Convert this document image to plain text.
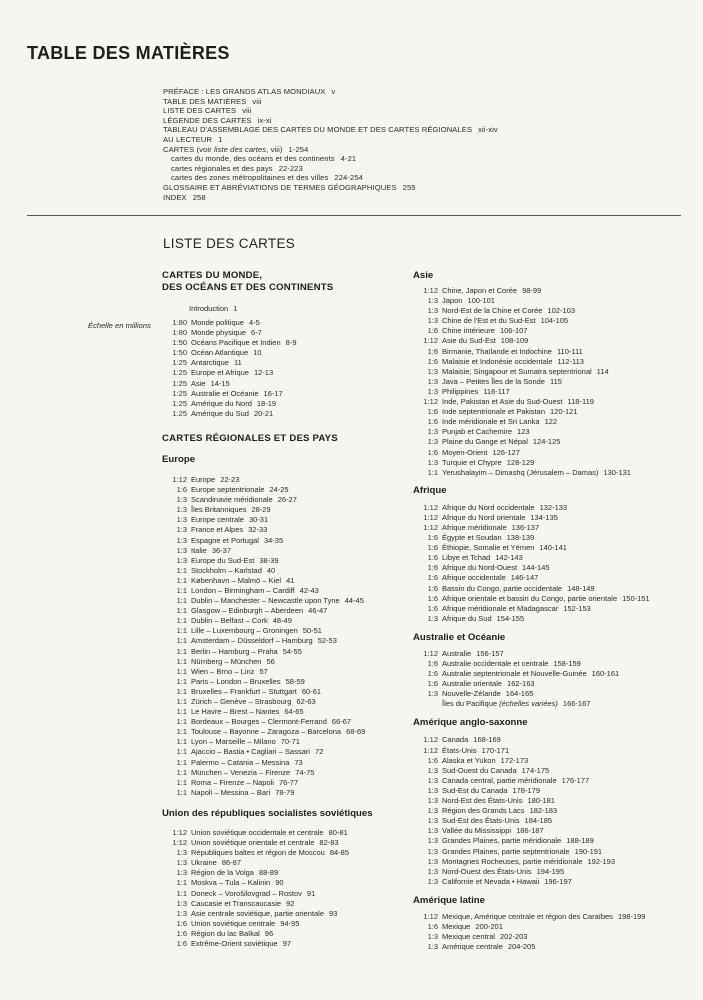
TABLE DES MATIÈRES
PRÉFACE : LES GRANDS ATLAS MONDIAUX v
TABLE DES MATIÈRES viii
LISTE DES CARTES viii
LÉGENDE DES CARTES ix-xi
TABLEAU D'ASSEMBLAGE DES CARTES DU MONDE ET DES CARTES RÉGIONALES xii-xiv
AU LECTEUR 1
CARTES (voir liste des cartes, viii) 1-254
cartes du monde, des océans et des continents 4-21
cartes régionales et des pays 22-223
cartes des zones métropolitaines et des villes 224-254
GLOSSAIRE ET ABRÉVIATIONS DE TERMES GÉOGRAPHIQUES 255
INDEX 258
LISTE DES CARTES
Échelle en millions
CARTES DU MONDE,
DES OCÉANS ET DES CONTINENTS
Introduction 1
1:80 Monde politique 4-5
1:80 Monde physique 6-7
1:50 Océans Pacifique et Indien 8-9
1:50 Océan Atlantique 10
1:25 Antarctique 11
1:25 Europe et Afrique 12-13
1:25 Asie 14-15
1:25 Australie et Océanie 16-17
1:25 Amérique du Nord 18-19
1:25 Amérique du Sud 20-21
CARTES RÉGIONALES ET DES PAYS
Europe
1:12 Europe 22-23
1:6 Europe septentrionale 24-25
1:3 Scandinavie méridionale 26-27
1:3 Îles Britanniques 28-29
1:3 Europe centrale 30-31
1:3 France et Alpes 32-33
1:3 Espagne et Portugal 34-35
1:3 Italie 36-37
1:3 Europe du Sud-Est 38-39
1:1 Stockholm – Karlstad 40
1:1 København – Malmö – Kiel 41
1:1 London – Birmingham – Cardiff 42-43
1:1 Dublin – Manchester – Newcastle upon Tyne 44-45
1:1 Glasgow – Edinburgh – Aberdeen 46-47
1:1 Dublin – Belfast – Cork 48-49
1:1 Lille – Luxembourg – Groningen 50-51
1:1 Amsterdam – Düsseldorf – Hamburg 52-53
1:1 Berlin – Hamburg – Praha 54-55
1:1 Nürnberg – München 56
1:1 Wien – Brno – Linz 57
1:1 Paris – London – Bruxelles 58-59
1:1 Bruxelles – Frankfurt – Stuttgart 60-61
1:1 Zürich – Genève – Strasbourg 62-63
1:1 Le Havre – Brest – Nantes 64-65
1:1 Bordeaux – Bourges – Clermont-Ferrand 66-67
1:1 Toulouse – Bayonne – Zaragoza – Barcelona 68-69
1:1 Lyon – Marseille – Milano 70-71
1:1 Ajaccio – Bastia • Cagliari – Sassari 72
1:1 Palermo – Catania – Messina 73
1:1 München – Venezia – Firenze 74-75
1:1 Roma – Firenze – Napoli 76-77
1:1 Napoli – Messina – Bari 78-79
Union des républiques socialistes soviétiques
1:12 Union soviétique occidentale et centrale 80-81
1:12 Union soviétique orientale et centrale 82-83
1:3 Républiques baltes et région de Moscou 84-85
1:3 Ukraine 86-87
1:3 Région de la Volga 88-89
1:1 Moskva – Tula – Kalinin 90
1:1 Doneck – Vorošilovgrad – Rostov 91
1:3 Caucasie et Transcaucasie 92
1:3 Asie centrale soviétique, partie orientale 93
1:6 Union soviétique centrale 94-95
1:6 Région du lac Baïkal 96
1:6 Extrême-Orient soviétique 97
Asie
1:12 Chine, Japon et Corée 98-99
1:3 Japon 100-101
1:3 Nord-Est de la Chine et Corée 102-103
1:3 Chine de l'Est et du Sud-Est 104-105
1:6 Chine intérieure 106-107
1:12 Asie du Sud-Est 108-109
1:6 Birmanie, Thaïlande et Indochine 110-111
1:6 Malaisie et Indonésie occidentale 112-113
1:3 Malaisie, Singapour et Sumatra septentrional 114
1:3 Java – Petites Îles de la Sonde 115
1:3 Philippines 116-117
1:12 Inde, Pakistan et Asie du Sud-Ouest 118-119
1:6 Inde septentrionale et Pakistan 120-121
1:6 Inde méridionale et Sri Lanka 122
1:3 Punjab et Cachemire 123
1:3 Plaine du Gange et Népal 124-125
1:6 Moyen-Orient 126-127
1:3 Turquie et Chypre 128-129
1:1 Yerushalayim – Dimashq (Jérusalem – Damas) 130-131
Afrique
1:12 Afrique du Nord occidentale 132-133
1:12 Afrique du Nord orientale 134-135
1:12 Afrique méridionale 136-137
1:6 Égypte et Soudan 138-139
1:6 Éthiopie, Somalie et Yémen 140-141
1:6 Libye et Tchad 142-143
1:6 Afrique du Nord-Ouest 144-145
1:6 Afrique occidentale 146-147
1:6 Bassin du Congo, partie occidentale 148-149
1:6 Afrique orientale et bassin du Congo, partie orientale 150-151
1:6 Afrique méridionale et Madagascar 152-153
1:3 Afrique du Sud 154-155
Australie et Océanie
1:12 Australie 156-157
1:6 Australie occidentale et centrale 158-159
1:6 Australie septentrionale et Nouvelle-Guinée 160-161
1:6 Australie orientale 162-163
1:3 Nouvelle-Zélande 164-165
Îles du Pacifique (échelles variées) 166-167
Amérique anglo-saxonne
1:12 Canada 168-169
1:12 États-Unis 170-171
1:6 Alaska et Yukon 172-173
1:3 Sud-Ouest du Canada 174-175
1:3 Canada central, partie méridionale 176-177
1:3 Sud-Est du Canada 178-179
1:3 Nord-Est des États-Unis 180-181
1:3 Région des Grands Lacs 182-183
1:3 Sud-Est des États-Unis 184-185
1:3 Vallée du Mississippi 186-187
1:3 Grandes Plaines, partie méridionale 188-189
1:3 Grandes Plaines, partie septentrionale 190-191
1:3 Montagnes Rocheuses, partie méridionale 192-193
1:3 Nord-Ouest des États-Unis 194-195
1:3 Californie et Nevada • Hawaii 196-197
Amérique latine
1:12 Mexique, Amérique centrale et région des Caraïbes 198-199
1:6 Mexique 200-201
1:3 Mexique central 202-203
1:3 Amérique centrale 204-205
